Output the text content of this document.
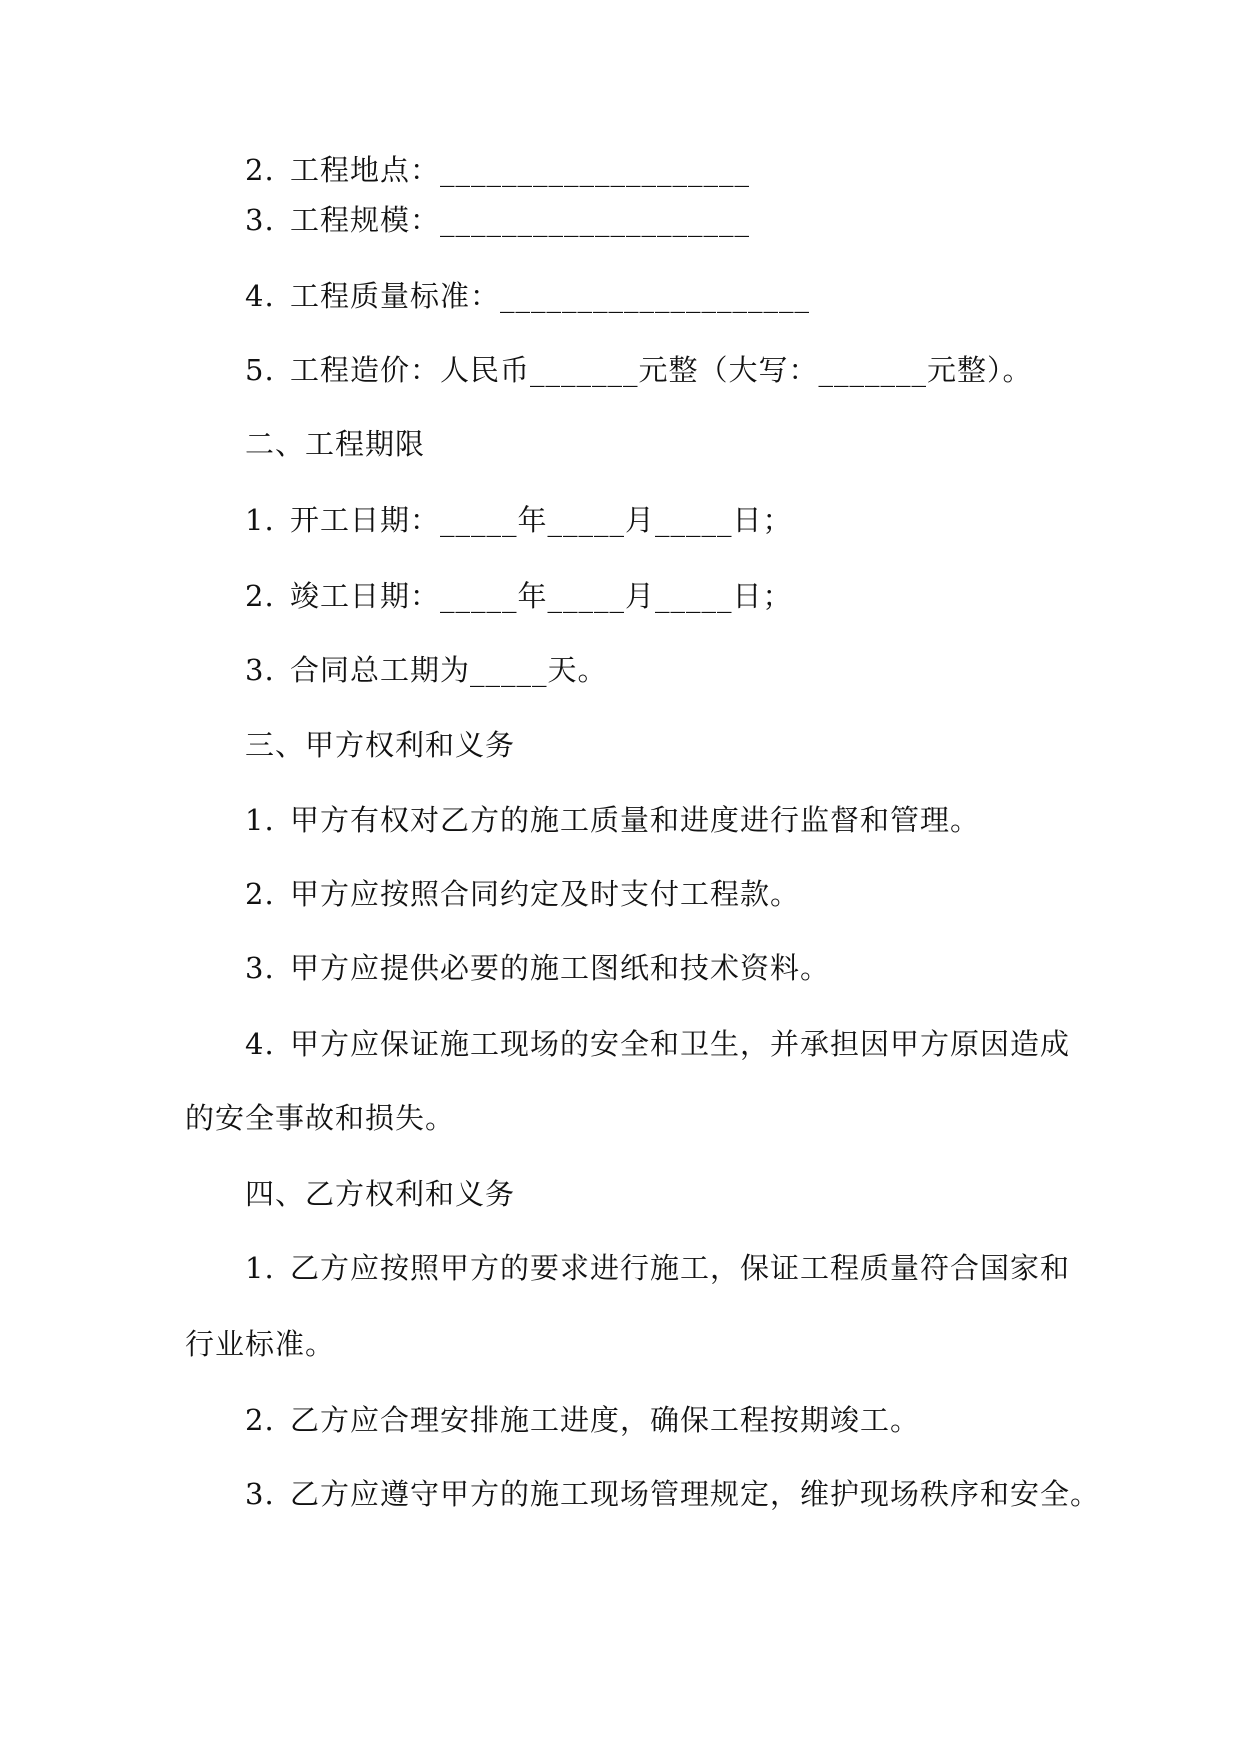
2. 工程地点：____________________
3. 工程规模：____________________
4. 工程质量标准：____________________
5. 工程造价：人民币_______元整（大写：_______元整）。
二、工程期限
1. 开工日期：_____年_____月_____日；
2. 竣工日期：_____年_____月_____日；
3. 合同总工期为_____天。
三、甲方权利和义务
1. 甲方有权对乙方的施工质量和进度进行监督和管理。
2. 甲方应按照合同约定及时支付工程款。
3. 甲方应提供必要的施工图纸和技术资料。
4. 甲方应保证施工现场的安全和卫生，并承担因甲方原因造成
的安全事故和损失。
四、乙方权利和义务
1. 乙方应按照甲方的要求进行施工，保证工程质量符合国家和
行业标准。
2. 乙方应合理安排施工进度，确保工程按期竣工。
3. 乙方应遵守甲方的施工现场管理规定，维护现场秩序和安全。
